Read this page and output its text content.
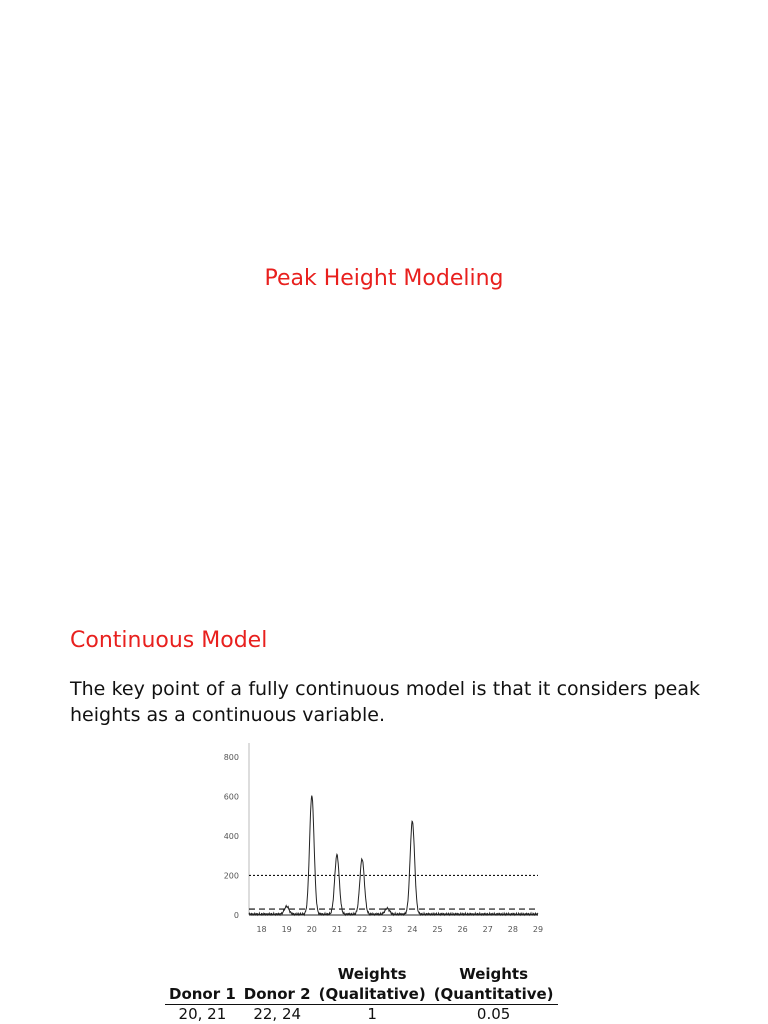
Peak Height Modeling
Continuous Model

The key point of a fully continuous model is that it considers peak heights as a continuous variable.

0
200
400
600
800
18 19 20 21 22 23 24 25 26 27 28 29
		Weights	Weights
Donor 1	Donor 2	(Qualitative)	(Quantitative)
20, 21	22, 24	1	0.05
